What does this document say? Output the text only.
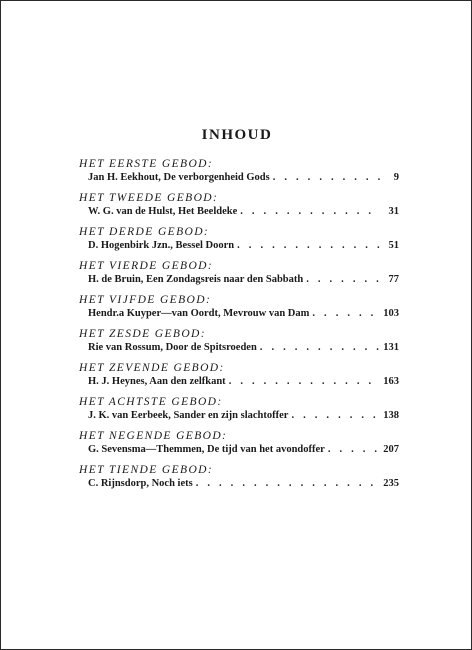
INHOUD
HET EERSTE GEBOD:
Jan H. Eekhout, De verborgenheid Gods . . .	9
HET TWEEDE GEBOD:
W. G. van de Hulst, Het Beeldeke . . .	31
HET DERDE GEBOD:
D. Hogenbirk Jzn., Bessel Doorn . . .	51
HET VIERDE GEBOD:
H. de Bruin, Een Zondagsreis naar den Sabbath . . .	77
HET VIJFDE GEBOD:
Hendr.a Kuyper—van Oordt, Mevrouw van Dam . . .	103
HET ZESDE GEBOD:
Rie van Rossum, Door de Spitsroeden . . .	131
HET ZEVENDE GEBOD:
H. J. Heynes, Aan den zelfkant . . .	163
HET ACHTSTE GEBOD:
J. K. van Eerbeek, Sander en zijn slachtoffer . . .	138
HET NEGENDE GEBOD:
G. Sevensma—Themmen, De tijd van het avondoffer . . .	207
HET TIENDE GEBOD:
C. Rijnsdorp, Noch iets . . .	235
